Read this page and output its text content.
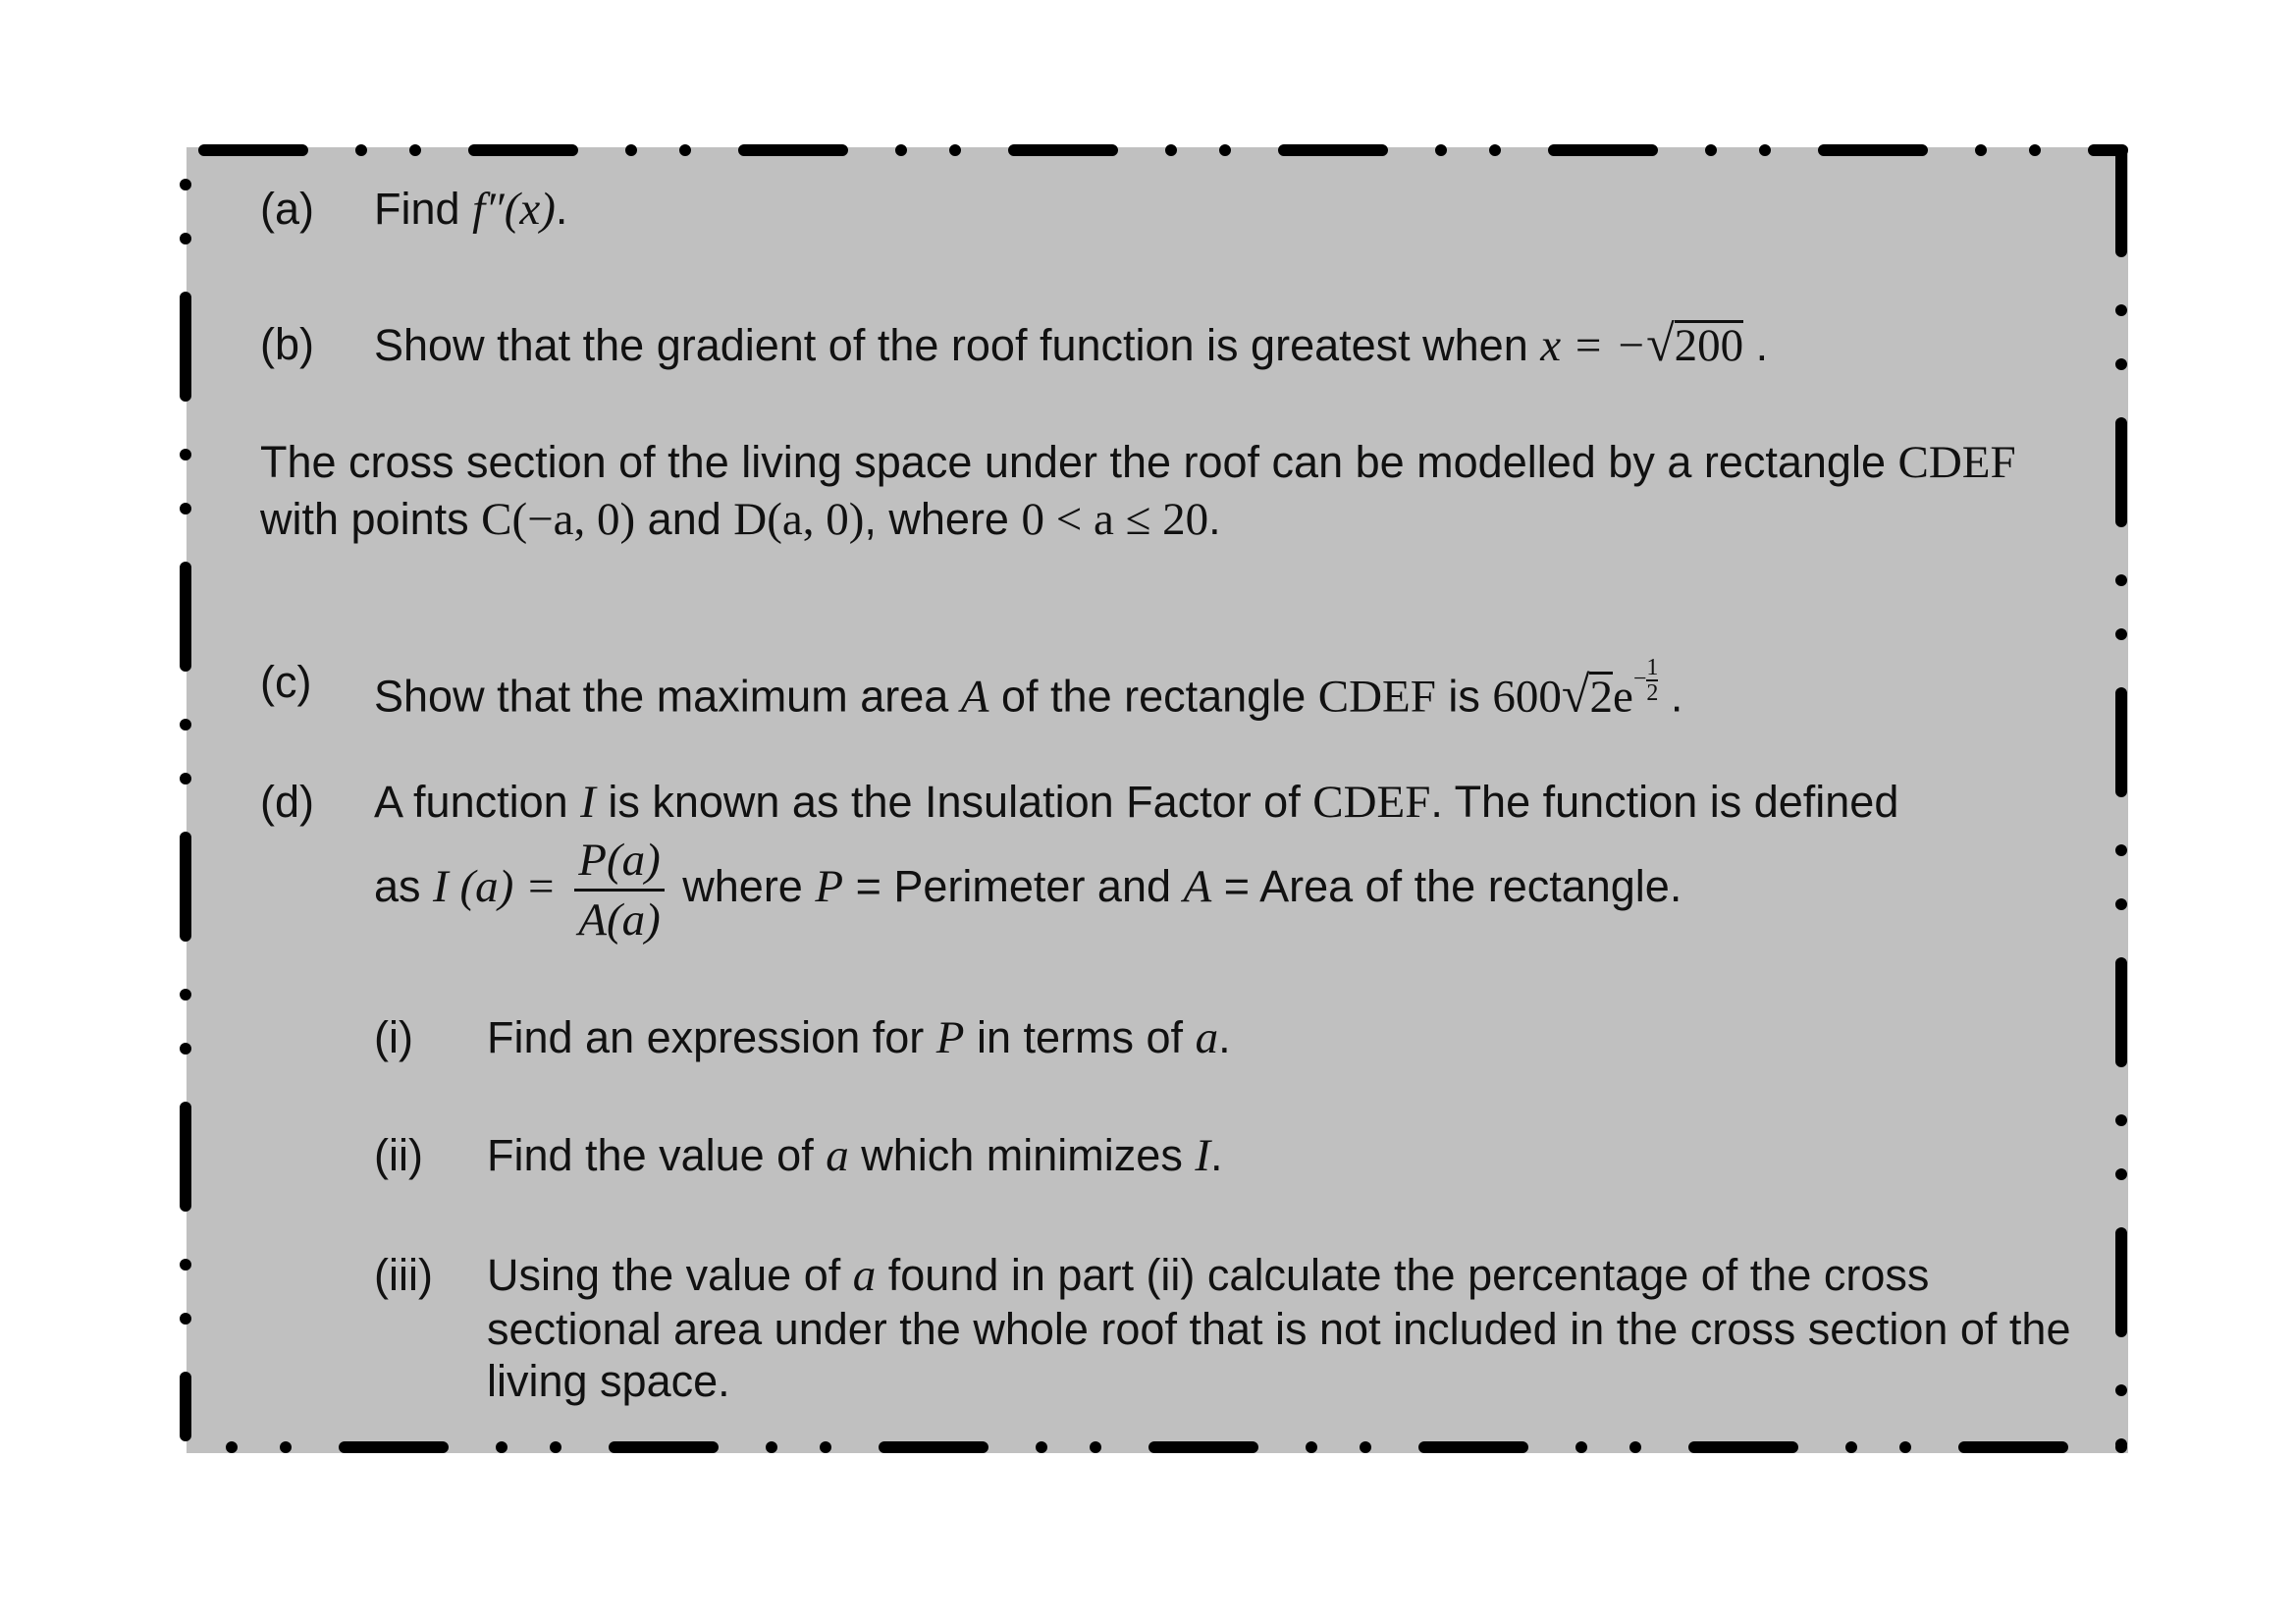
(a) Find f″(x).
(b) Show that the gradient of the roof function is greatest when x = −√200 .
The cross section of the living space under the roof can be modelled by a rectangle CDEF
with points C(−a, 0) and D(a, 0), where 0 < a ≤ 20.
(c) Show that the maximum area A of the rectangle CDEF is $600√2e- \frac{1}{2}$ .
(d) A function I is known as the Insulation Factor of CDEF. The function is defined
as I $(a) = \frac{P(a)}{A(a)}$ where P = Perimeter and A = Area of the rectangle.
(i) Find an expression for P in terms of a.
(ii) Find the value of a which minimizes I.
(iii) Using the value of a found in part (ii) calculate the percentage of the cross
sectional area under the whole roof that is not included in the cross section of the
living space.
